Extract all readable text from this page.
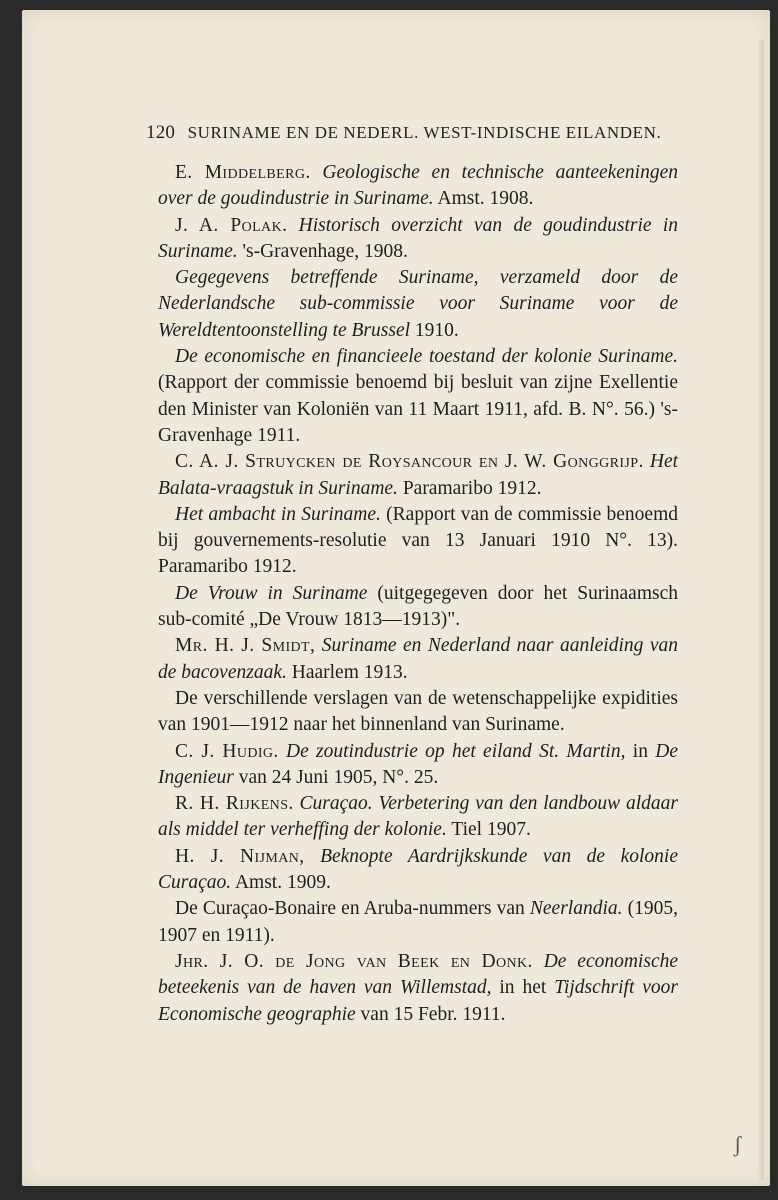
120 SURINAME EN DE NEDERL. WEST-INDISCHE EILANDEN.

E. Middelberg. Geologische en technische aanteekeningen over de goudindustrie in Suriname. Amst. 1908.

J. A. Polak. Historisch overzicht van de goudindustrie in Suriname. 's-Gravenhage, 1908.

Gegegevens betreffende Suriname, verzameld door de Nederlandsche sub-commissie voor Suriname voor de Wereldtentoonstelling te Brussel 1910.

De economische en financieele toestand der kolonie Suriname. (Rapport der commissie benoemd bij besluit van zijne Exellentie den Minister van Koloniën van 11 Maart 1911, afd. B. N°. 56.) 's-Gravenhage 1911.

C. A. J. Struycken de Roysancour en J. W. Gonggrijp. Het Balata-vraagstuk in Suriname. Paramaribo 1912.

Het ambacht in Suriname. (Rapport van de commissie benoemd bij gouvernements-resolutie van 13 Januari 1910 N°. 13). Paramaribo 1912.

De Vrouw in Suriname (uitgegegeven door het Surinaamsch sub-comité „De Vrouw 1813—1913)".

Mr. H. J. Smidt, Suriname en Nederland naar aanleiding van de bacovenzaak. Haarlem 1913.

De verschillende verslagen van de wetenschappelijke expidities van 1901—1912 naar het binnenland van Suriname.

C. J. Hudig. De zoutindustrie op het eiland St. Martin, in De Ingenieur van 24 Juni 1905, N°. 25.

R. H. Rijkens. Curaçao. Verbetering van den landbouw aldaar als middel ter verheffing der kolonie. Tiel 1907.

H. J. Nijman, Beknopte Aardrijkskunde van de kolonie Curaçao. Amst. 1909.

De Curaçao-Bonaire en Aruba-nummers van Neerlandia. (1905, 1907 en 1911).

Jhr. J. O. de Jong van Beek en Donk. De economische beteekenis van de haven van Willemstad, in het Tijdschrift voor Economische geographie van 15 Febr. 1911.

ʃ
